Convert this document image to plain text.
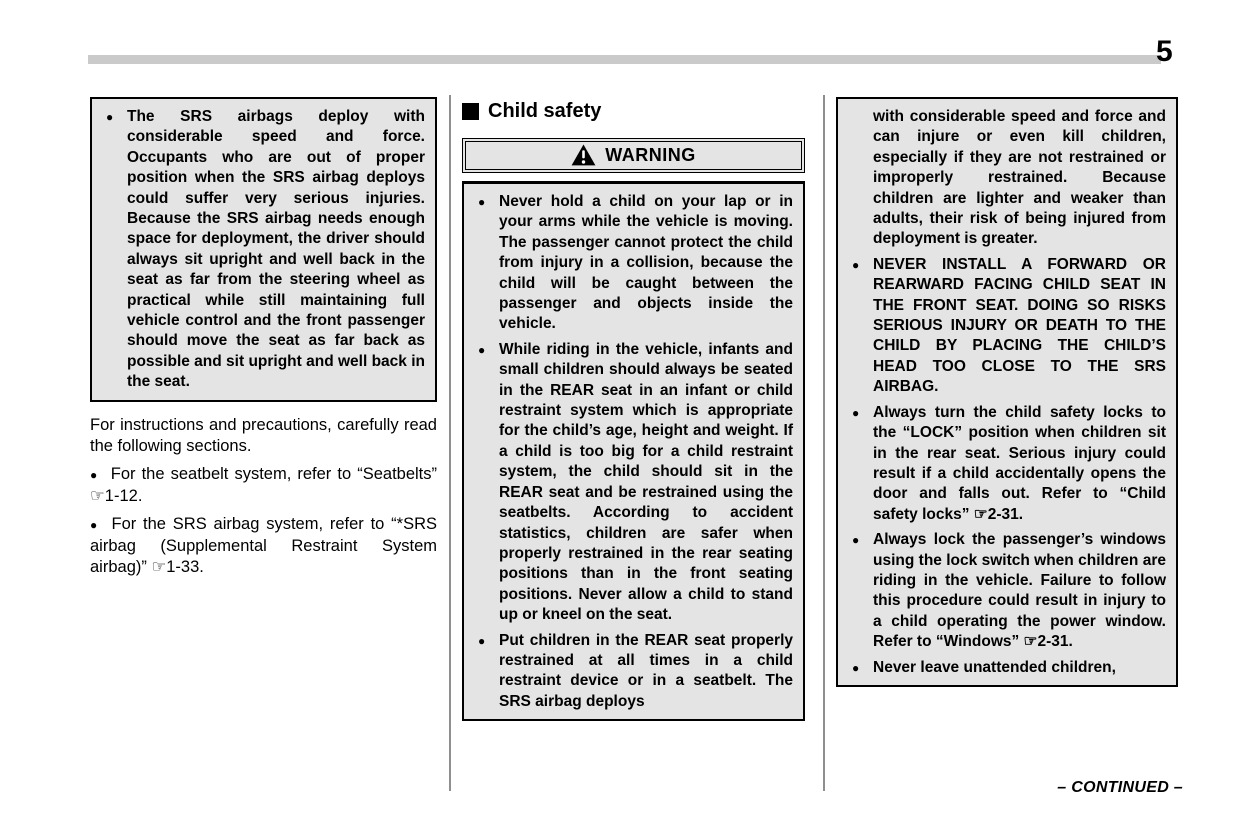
5
●
The SRS airbags deploy with considerable speed and force. Occupants who are out of proper position when the SRS airbag deploys could suffer very serious injuries. Because the SRS airbag needs enough space for deployment, the driver should always sit upright and well back in the seat as far from the steering wheel as practical while still maintaining full vehicle control and the front passenger should move the seat as far back as possible and sit upright and well back in the seat.

For instructions and precautions, carefully read the following sections.

● For the seatbelt system, refer to “Seatbelts” ☞1-12.

● For the SRS airbag system, refer to “*SRS airbag (Supplemental Restraint System airbag)” ☞1-33.

Child safety
WARNING
●
Never hold a child on your lap or in your arms while the vehicle is moving. The passenger cannot protect the child from injury in a collision, because the child will be caught between the passenger and objects inside the vehicle.
●
While riding in the vehicle, infants and small children should always be seated in the REAR seat in an infant or child restraint system which is appropriate for the child’s age, height and weight. If a child is too big for a child restraint system, the child should sit in the REAR seat and be restrained using the seatbelts. According to accident statistics, children are safer when properly restrained in the rear seating positions than in the front seating positions. Never allow a child to stand up or kneel on the seat.
●
Put children in the REAR seat properly restrained at all times in a child restraint device or in a seatbelt. The SRS airbag deploys
with considerable speed and force and can injure or even kill children, especially if they are not restrained or improperly restrained. Because children are lighter and weaker than adults, their risk of being injured from deployment is greater.
●
NEVER INSTALL A FORWARD OR REARWARD FACING CHILD SEAT IN THE FRONT SEAT. DOING SO RISKS SERIOUS INJURY OR DEATH TO THE CHILD BY PLACING THE CHILD’S HEAD TOO CLOSE TO THE SRS AIRBAG.
●
Always turn the child safety locks to the “LOCK” position when children sit in the rear seat. Serious injury could result if a child accidentally opens the door and falls out. Refer to “Child safety locks” ☞2-31.
●
Always lock the passenger’s windows using the lock switch when children are riding in the vehicle. Failure to follow this procedure could result in injury to a child operating the power window. Refer to “Windows” ☞2-31.
●
Never leave unattended children,
– CONTINUED –
